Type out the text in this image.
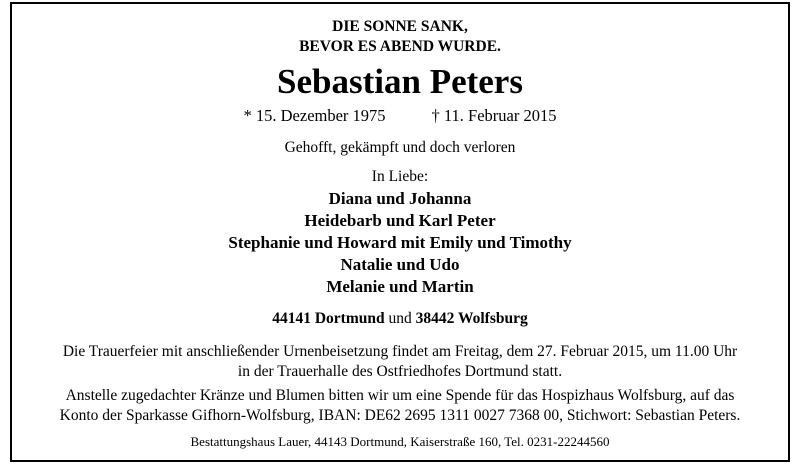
DIE SONNE SANK,
BEVOR ES ABEND WURDE.
Sebastian Peters
* 15. Dezember 1975	† 11. Februar 2015
Gehofft, gekämpft und doch verloren
In Liebe:
Diana und Johanna
Heidebarb und Karl Peter
Stephanie und Howard mit Emily und Timothy
Natalie und Udo
Melanie und Martin
44141 Dortmund und 38442 Wolfsburg
Die Trauerfeier mit anschließender Urnenbeisetzung findet am Freitag, dem 27. Februar 2015, um 11.00 Uhr
in der Trauerhalle des Ostfriedhofes Dortmund statt.
Anstelle zugedachter Kränze und Blumen bitten wir um eine Spende für das Hospizhaus Wolfsburg, auf das
Konto der Sparkasse Gifhorn-Wolfsburg, IBAN: DE62 2695 1311 0027 7368 00, Stichwort: Sebastian Peters.
Bestattungshaus Lauer, 44143 Dortmund, Kaiserstraße 160, Tel. 0231-22244560
